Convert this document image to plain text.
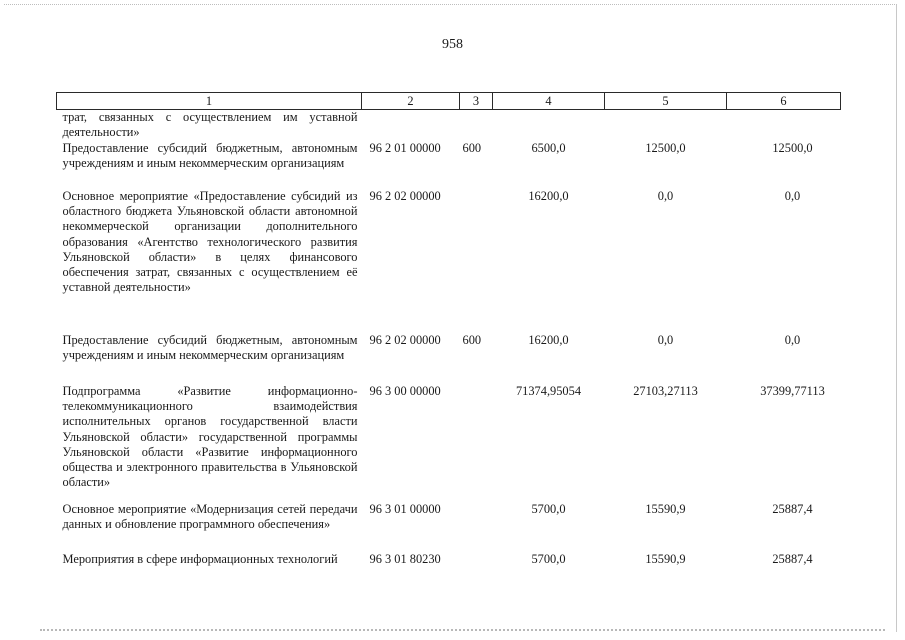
958
1	2	3	4	5	6
трат, связанных с осуществлением им уставной деятельности»					
Предоставление субсидий бюджетным, автономным учреждениям и иным некоммерческим организациям	96 2 01 00000	600	6500,0	12500,0	12500,0
Основное мероприятие «Предоставление субсидий из областного бюджета Ульяновской области автономной некоммерческой организации дополнительного образования «Агентство технологического развития Ульяновской области» в целях финансового обеспечения затрат, связанных с осуществлением её уставной деятельности»	96 2 02 00000		16200,0	0,0	0,0
Предоставление субсидий бюджетным, автономным учреждениям и иным некоммерческим организациям	96 2 02 00000	600	16200,0	0,0	0,0
Подпрограмма «Развитие информационно-телекоммуникационного взаимодействия исполнительных органов государственной власти Ульяновской области» государственной программы Ульяновской области «Развитие информационного общества и электронного правительства в Ульяновской области»	96 3 00 00000		71374,95054	27103,27113	37399,77113
Основное мероприятие «Модернизация сетей передачи данных и обновление программного обеспечения»	96 3 01 00000		5700,0	15590,9	25887,4
Мероприятия в сфере информационных технологий	96 3 01 80230		5700,0	15590,9	25887,4
